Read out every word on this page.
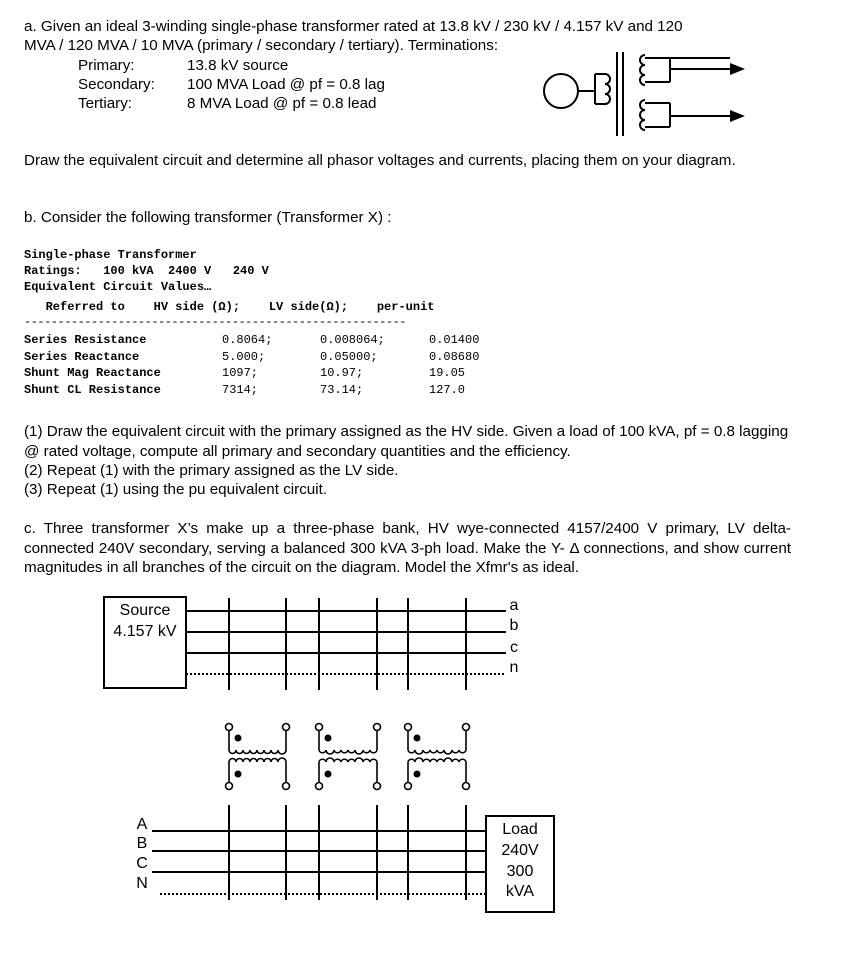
a. Given an ideal 3-winding single-phase transformer rated at 13.8 kV / 230 kV / 4.157 kV and 120
MVA / 120 MVA / 10 MVA (primary / secondary / tertiary). Terminations:
Primary:	13.8 kV source
Secondary: 100 MVA Load @ pf = 0.8 lag
Tertiary:	8 MVA Load @ pf = 0.8 lead
Draw the equivalent circuit and determine all phasor voltages and currents, placing them on your diagram.
b. Consider the following transformer (Transformer X) :
Single-phase Transformer
Ratings:   100 kVA  2400 V   240 V
Equivalent Circuit Values…
Referred to    HV side (Ω);    LV side(Ω);    per-unit
---------------------------------------------------------
Series Resistance	0.8064;	0.008064;	0.01400
Series Reactance	5.000;	0.05000;	0.08680
Shunt Mag Reactance	1097;	10.97;	19.05
Shunt CL Resistance	7314;	73.14;	127.0
(1) Draw the equivalent circuit with the primary assigned as the HV side. Given a load of 100 kVA, pf = 0.8 lagging @ rated voltage, compute all primary and secondary quantities and the efficiency.
(2) Repeat (1) with the primary assigned as the LV side.
(3) Repeat (1) using the pu equivalent circuit.
c. Three transformer X’s make up a three-phase bank, HV wye-connected 4157/2400 V primary, LV delta-connected 240V secondary, serving a balanced 300 kVA 3-ph load. Make the Y- Δ connections, and show current magnitudes in all branches of the circuit on the diagram. Model the Xfmr's as ideal.
Source
4.157 kV
a
b
c
n
A
B
C
N
Load
240V
300
kVA
